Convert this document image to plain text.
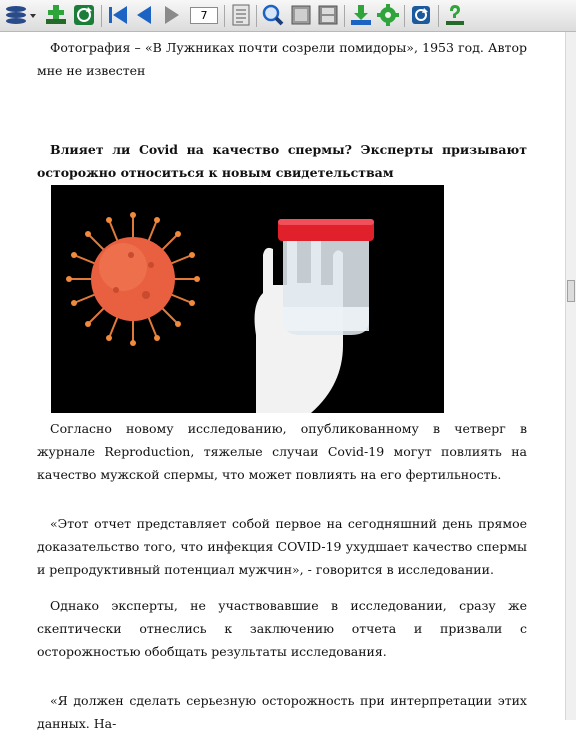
7

Фотография – «В Лужниках почти созрели помидоры», 1953 год. Автор мне не известен

Влияет ли Covid на качество спермы? Эксперты призывают осторожно относиться к новым свидетельствам

Согласно новому исследованию, опубликованному в четверг в журнале Reproduction, тяжелые случаи Covid-19 могут повлиять на качество мужской спермы, что может повлиять на его фертильность.

«Этот отчет представляет собой первое на сегодняшний день прямое доказательство того, что инфекция COVID-19 ухудшает качество спермы и репродуктивный потенциал мужчин», - говорится в исследовании.

Однако эксперты, не участвовавшие в исследовании, сразу же скептически отнеслись к заключению отчета и призвали с осторожностью обобщать результаты исследования.

«Я должен сделать серьезную осторожность при интерпретации этих данных. На-
